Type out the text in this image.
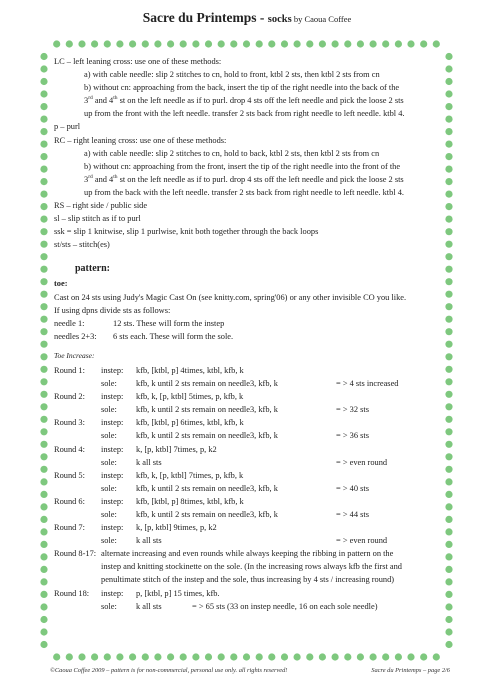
Sacre du Printemps - socks by Caoua Coffee
LC – left leaning cross: use one of these methods:
a) with cable needle: slip 2 stitches to cn, hold to front, ktbl 2 sts, then ktbl 2 sts from cn
b) without cn: approaching from the back, insert the tip of the right needle into the back of the
3rd and 4th st on the left needle as if to purl. drop 4 sts off the left needle and pick the loose 2 sts
up from the front with the left needle. transfer 2 sts back from right needle to left needle. ktbl 4.
p – purl
RC – right leaning cross: use one of these methods:
a) with cable needle: slip 2 stitches to cn, hold to back, ktbl 2 sts, then ktbl 2 sts from cn
b) without cn: approaching from the front, insert the tip of the right needle into the front of the
3rd and 4th st on the left needle as if to purl. drop 4 sts off the left needle and pick the loose 2 sts
up from the back with the left needle. transfer 2 sts back from right needle to left needle. ktbl 4.
RS – right side / public side
sl – slip stitch as if to purl
ssk = slip 1 knitwise, slip 1 purlwise, knit both together through the back loops
st/sts – stitch(es)
pattern:
toe:
Cast on 24 sts using Judy's Magic Cast On (see knitty.com, spring'06) or any other invisible CO you like.
If using dpns divide sts as follows:
needle 1:	12 sts. These will form the instep
needles 2+3:	6 sts each. These will form the sole.
Toe Increase:
Round 1:	instep:	kfb, [ktbl, p] 4times, ktbl, kfb, k
sole:	kfb, k until 2 sts remain on needle3, kfb, k	= > 4 sts increased
Round 2:	instep:	kfb, k, [p, ktbl] 5times, p, kfb, k
sole:	kfb, k until 2 sts remain on needle3, kfb, k	= > 32 sts
Round 3:	instep:	kfb, [ktbl, p] 6times, ktbl, kfb, k
sole:	kfb, k until 2 sts remain on needle3, kfb, k	= > 36 sts
Round 4:	instep:	k, [p, ktbl] 7times, p, k2
sole:	k all sts	= > even round
Round 5:	instep:	kfb, k, [p, ktbl] 7times, p, kfb, k
sole:	kfb, k until 2 sts remain on needle3, kfb, k	= > 40 sts
Round 6:	instep:	kfb, [ktbl, p] 8times, ktbl, kfb, k
sole:	kfb, k until 2 sts remain on needle3, kfb, k	= > 44 sts
Round 7:	instep:	k, [p, ktbl] 9times, p, k2
sole:	k all sts	= > even round
Round 8-17: alternate increasing and even rounds while always keeping the ribbing in pattern on the
instep and knitting stockinette on the sole. (In the increasing rows always kfb the first and
penultimate stitch of the instep and the sole, thus increasing by 4 sts / increasing round)
Round 18:	instep:	p, [ktbl, p] 15 times, kfb.
sole:	k all sts	= > 65 sts (33 on instep needle, 16 on each sole needle)
©Caoua Coffee 2009 – pattern is for non-commercial, personal use only. all rights reserved!	Sacre du Printemps – page 2/6
